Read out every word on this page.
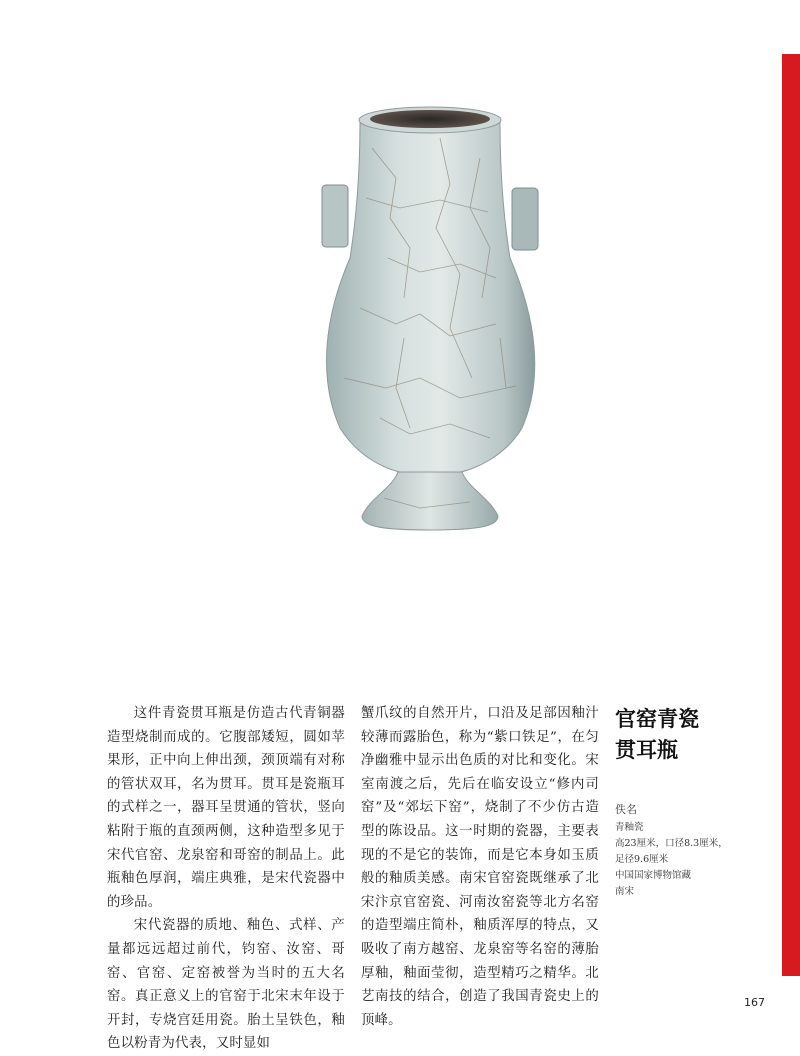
这件青瓷贯耳瓶是仿造古代青铜器造型烧制而成的。它腹部矮短，圆如苹果形，正中向上伸出颈，颈顶端有对称的管状双耳，名为贯耳。贯耳是瓷瓶耳的式样之一，器耳呈贯通的管状，竖向粘附于瓶的直颈两侧，这种造型多见于宋代官窑、龙泉窑和哥窑的制品上。此瓶釉色厚润，端庄典雅，是宋代瓷器中的珍品。

宋代瓷器的质地、釉色、式样、产量都远远超过前代，钧窑、汝窑、哥窑、官窑、定窑被誉为当时的五大名窑。真正意义上的官窑于北宋末年设于开封，专烧宫廷用瓷。胎土呈铁色，釉色以粉青为代表，又时显如

蟹爪纹的自然开片，口沿及足部因釉汁较薄而露胎色，称为“紫口铁足”，在匀净幽雅中显示出色质的对比和变化。宋室南渡之后，先后在临安设立“修内司窑”及“郊坛下窑”，烧制了不少仿古造型的陈设品。这一时期的瓷器，主要表现的不是它的装饰，而是它本身如玉质般的釉质美感。南宋官窑瓷既继承了北宋汴京官窑瓷、河南汝窑瓷等北方名窑的造型端庄简朴，釉质浑厚的特点，又吸收了南方越窑、龙泉窑等名窑的薄胎厚釉，釉面莹彻，造型精巧之精华。北艺南技的结合，创造了我国青瓷史上的顶峰。

官窑青瓷
贯耳瓶
佚名
青釉瓷
高23厘米，口径8.3厘米，
足径9.6厘米
中国国家博物馆藏
南宋
167
